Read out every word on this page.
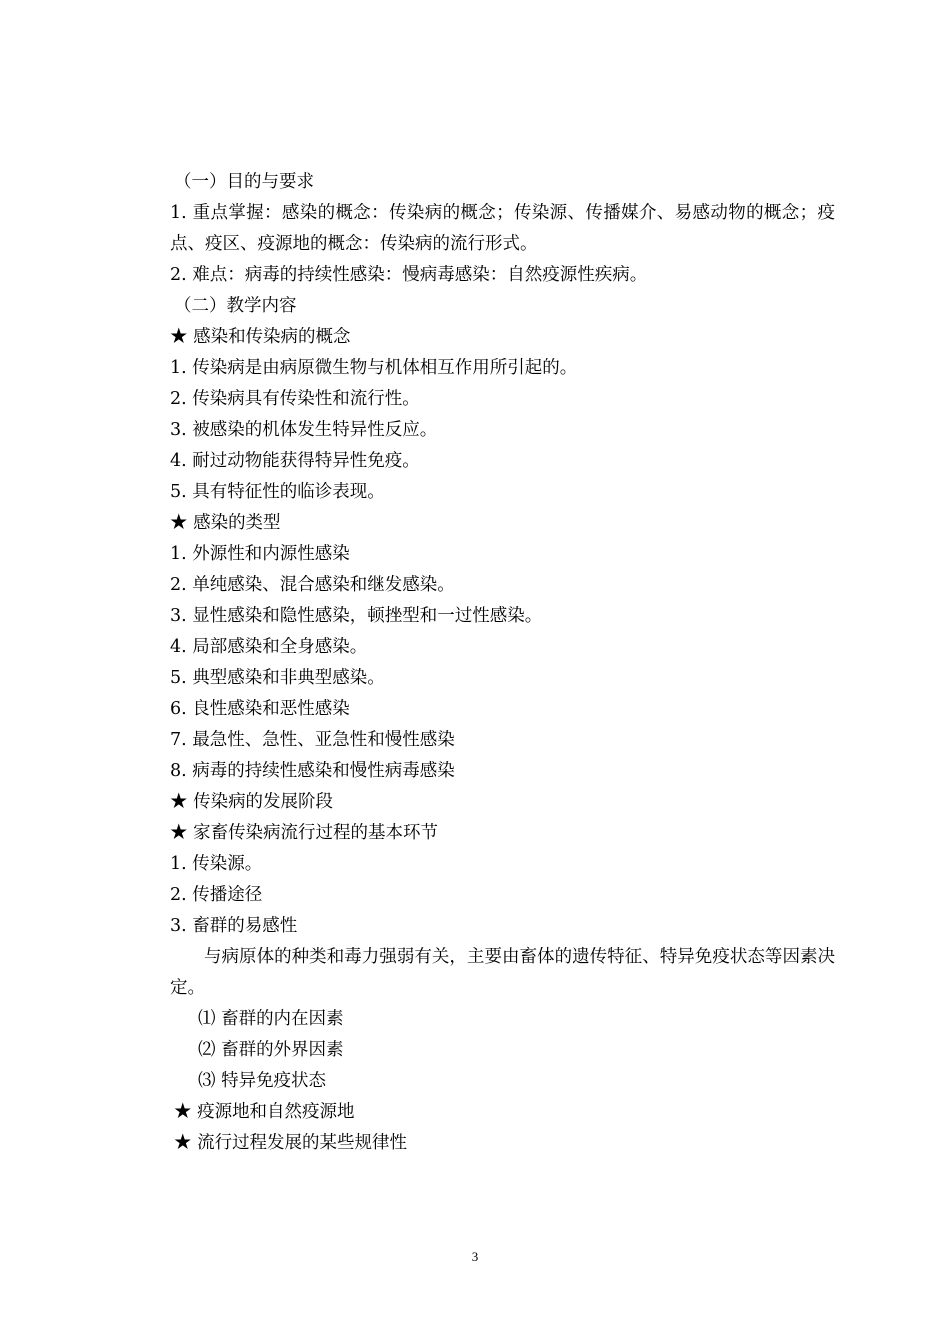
（一）目的与要求
1. 重点掌握：感染的概念：传染病的概念；传染源、传播媒介、易感动物的概念；疫点、疫区、疫源地的概念：传染病的流行形式。
2. 难点：病毒的持续性感染：慢病毒感染：自然疫源性疾病。
（二）教学内容
★ 感染和传染病的概念
1. 传染病是由病原微生物与机体相互作用所引起的。
2. 传染病具有传染性和流行性。
3. 被感染的机体发生特异性反应。
4. 耐过动物能获得特异性免疫。
5. 具有特征性的临诊表现。
★ 感染的类型
1. 外源性和内源性感染
2. 单纯感染、混合感染和继发感染。
3. 显性感染和隐性感染，顿挫型和一过性感染。
4. 局部感染和全身感染。
5. 典型感染和非典型感染。
6. 良性感染和恶性感染
7. 最急性、急性、亚急性和慢性感染
8. 病毒的持续性感染和慢性病毒感染
★ 传染病的发展阶段
★ 家畜传染病流行过程的基本环节
1. 传染源。
2. 传播途径
3. 畜群的易感性
与病原体的种类和毒力强弱有关，主要由畜体的遗传特征、特异免疫状态等因素决定。
⑴ 畜群的内在因素
⑵ 畜群的外界因素
⑶ 特异免疫状态
★ 疫源地和自然疫源地
★ 流行过程发展的某些规律性
3
